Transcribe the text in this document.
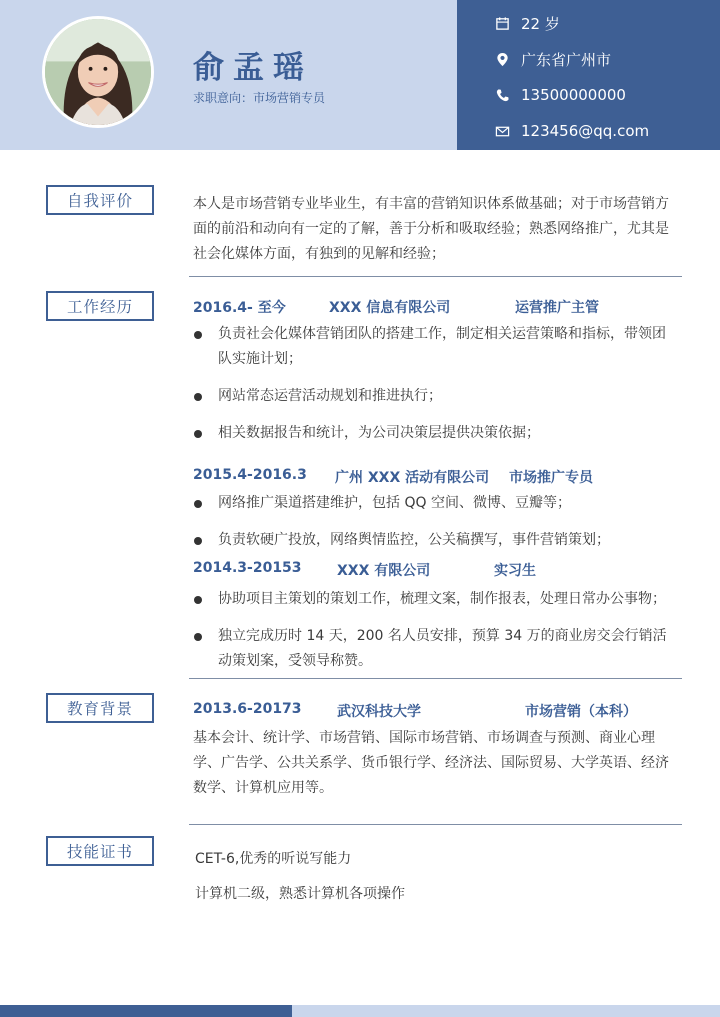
俞孟瑶
求职意向：市场营销专员
22 岁
广东省广州市
13500000000
123456@qq.com
自我评价	本人是市场营销专业毕业生，有丰富的营销知识体系做基础；对于市场营销方面的前沿和动向有一定的了解，善于分析和吸取经验；熟悉网络推广，尤其是社会化媒体方面，有独到的见解和经验；
工作经历	2016.4- 至今	XXX 信息有限公司	运营推广主管
负责社会化媒体营销团队的搭建工作，制定相关运营策略和指标，带领团队实施计划；
网站常态运营活动规划和推进执行；
相关数据报告和统计，为公司决策层提供决策依据；
2015.4-2016.3 广州 XXX 活动有限公司 市场推广专员
网络推广渠道搭建维护，包括 QQ 空间、微博、豆瓣等；
负责软硬广投放，网络舆情监控，公关稿撰写，事件营销策划；
2014.3-20153	XXX 有限公司	实习生
协助项目主策划的策划工作，梳理文案，制作报表，处理日常办公事物；
独立完成历时 14 天，200 名人员安排，预算 34 万的商业房交会行销活动策划案，受领导称赞。
教育背景	2013.6-20173	武汉科技大学	市场营销（本科）
基本会计、统计学、市场营销、国际市场营销、市场调查与预测、商业心理学、广告学、公共关系学、货币银行学、经济法、国际贸易、大学英语、经济数学、计算机应用等。
技能证书	CET-6,优秀的听说写能力
计算机二级，熟悉计算机各项操作
